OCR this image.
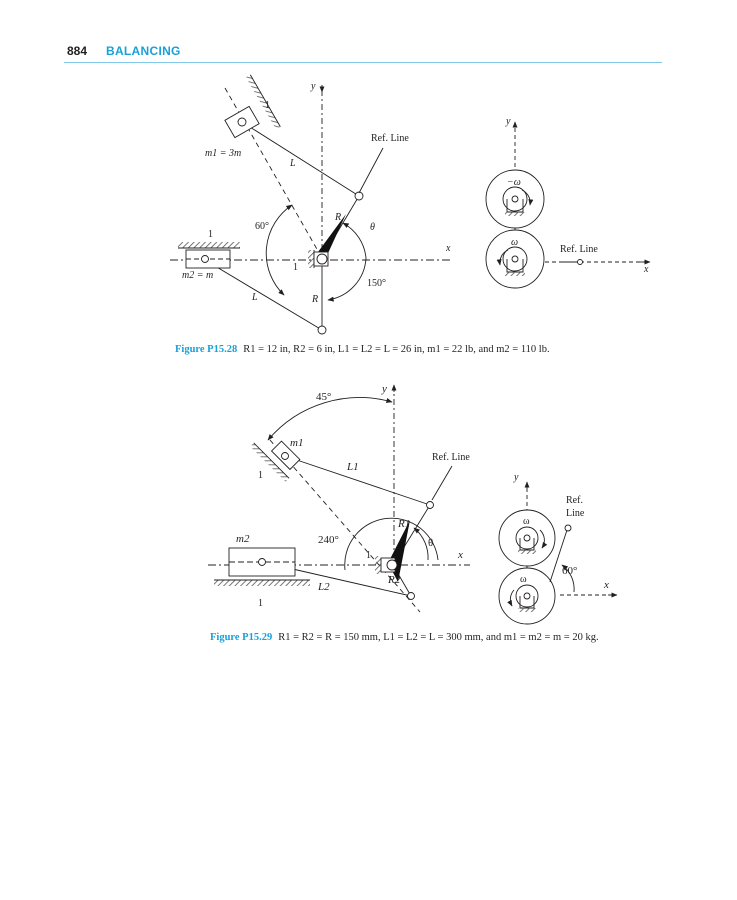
884 BALANCING
y
x
1
1
1
m1 = 3m
m2 = m
L
L
R
R
60°
150°
θ
Ref. Line
y
x
−ω
ω
Ref. Line
y
x
45°
240°
m1
m2
L1
L2
R1
R2
θ
1
1
1
Ref. Line
y
x
ω
ω
Ref.
Line
60°
Figure P15.28 R1 = 12 in, R2 = 6 in, L1 = L2 = L = 26 in, m1 = 22 lb, and m2 = 110 lb.
Figure P15.29 R1 = R2 = R = 150 mm, L1 = L2 = L = 300 mm, and m1 = m2 = m = 20 kg.
